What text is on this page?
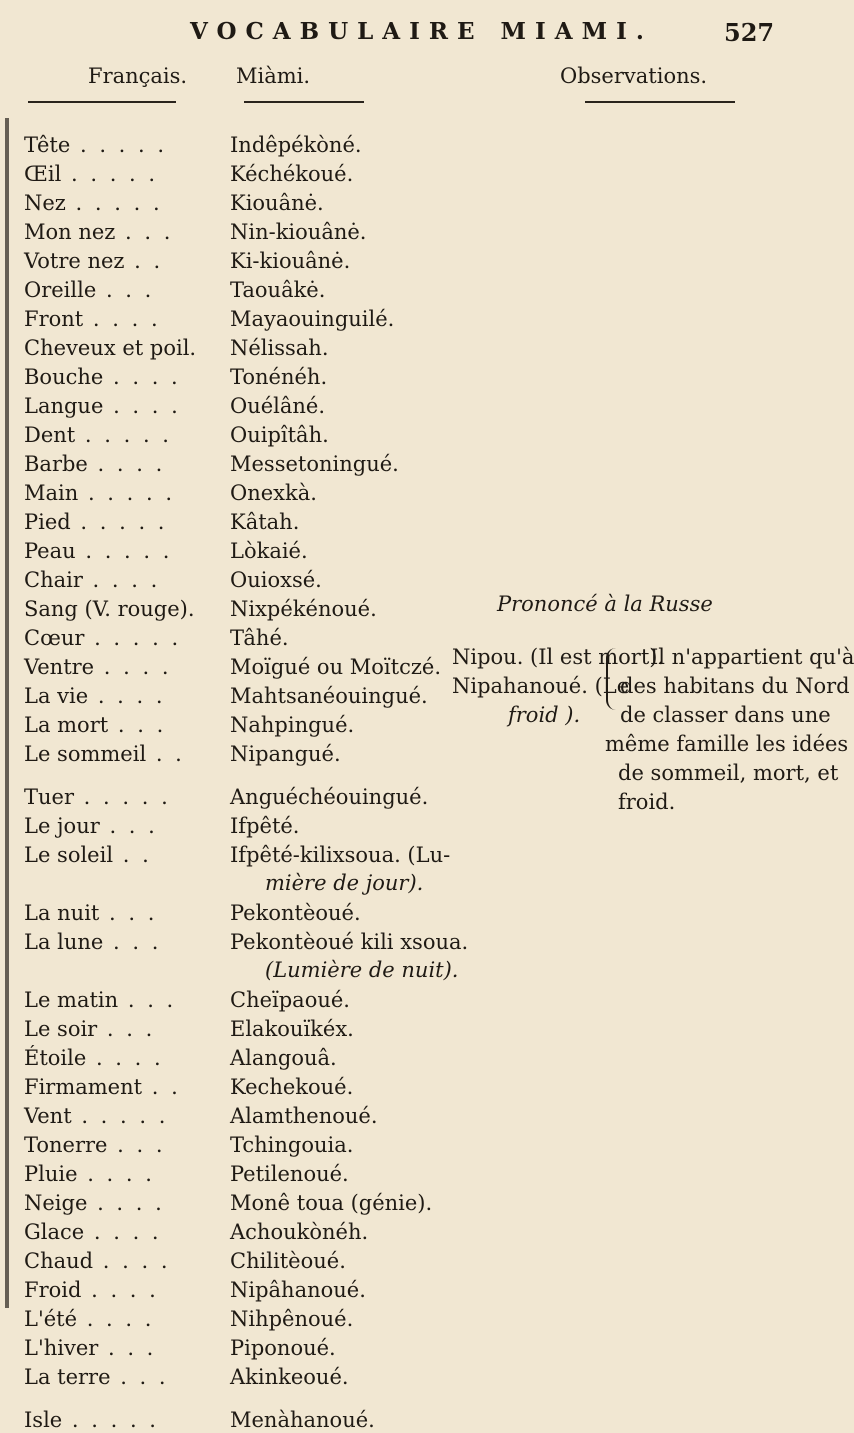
VOCABULAIRE MIAMI.	527
Français. Miàmi.	Observations.
Tête . . . . .	Indêpékòné.
Œil . . . . .	Kéchékoué.
Nez . . . . .	Kiouânė.
Mon nez . . .	Nin-kiouânė.
Votre nez . .	Ki-kiouânė.
Oreille . . .	Taouâkė.
Front . . . .	Mayaouinguilé.
Cheveux et poil.	Nélissah.
Bouche . . . .	Tonénéh.
Langue . . . .	Ouélâné.
Dent . . . . .	Ouipîtâh.
Barbe . . . .	Messetoningué.
Main . . . . .	Onexkà.
Pied . . . . .	Kâtah.
Peau . . . . .	Lòkaié.
Chair . . . .	Ouioxsé.
Sang (V. rouge).	Nixpékénoué.
Cœur . . . . .	Tâhé.
Ventre . . . .	Moïgué ou Moïtczé.
La vie . . . .	Mahtsanéouingué.
La mort . . .	Nahpingué.
Le sommeil . .	Nipangué.
Tuer . . . . .	Anguéchéouingué.
Le jour . . .	Ifpêté.
Le soleil . .	Ifpêté-kilixsoua. (Lu-
mière de jour).
La nuit . . .	Pekontèoué.
La lune . . .	Pekontèoué kili xsoua.
(Lumière de nuit).
Le matin . . .	Cheïpaoué.
Le soir . . .	Elakouïkéx.
Étoile . . . .	Alangouâ.
Firmament . .	Kechekoué.
Vent . . . . .	Alamthenoué.
Tonerre . . .	Tchingouia.
Pluie . . . .	Petilenoué.
Neige . . . .	Monê toua (génie).
Glace . . . .	Achoukònéh.
Chaud . . . .	Chilitèoué.
Froid . . . .	Nipâhanoué.
L'été . . . .	Nihpênoué.
L'hiver . . .	Piponoué.
La terre . . .	Akinkeoué.
Isle . . . . .	Menàhanoué.
Prononcé à la Russe
Nipou. (Il est mort).
Nipahanoué. (Le
froid ).
Il n'appartient qu'à
des habitans du Nord
de classer dans une
même famille les idées
de sommeil, mort, et
froid.
